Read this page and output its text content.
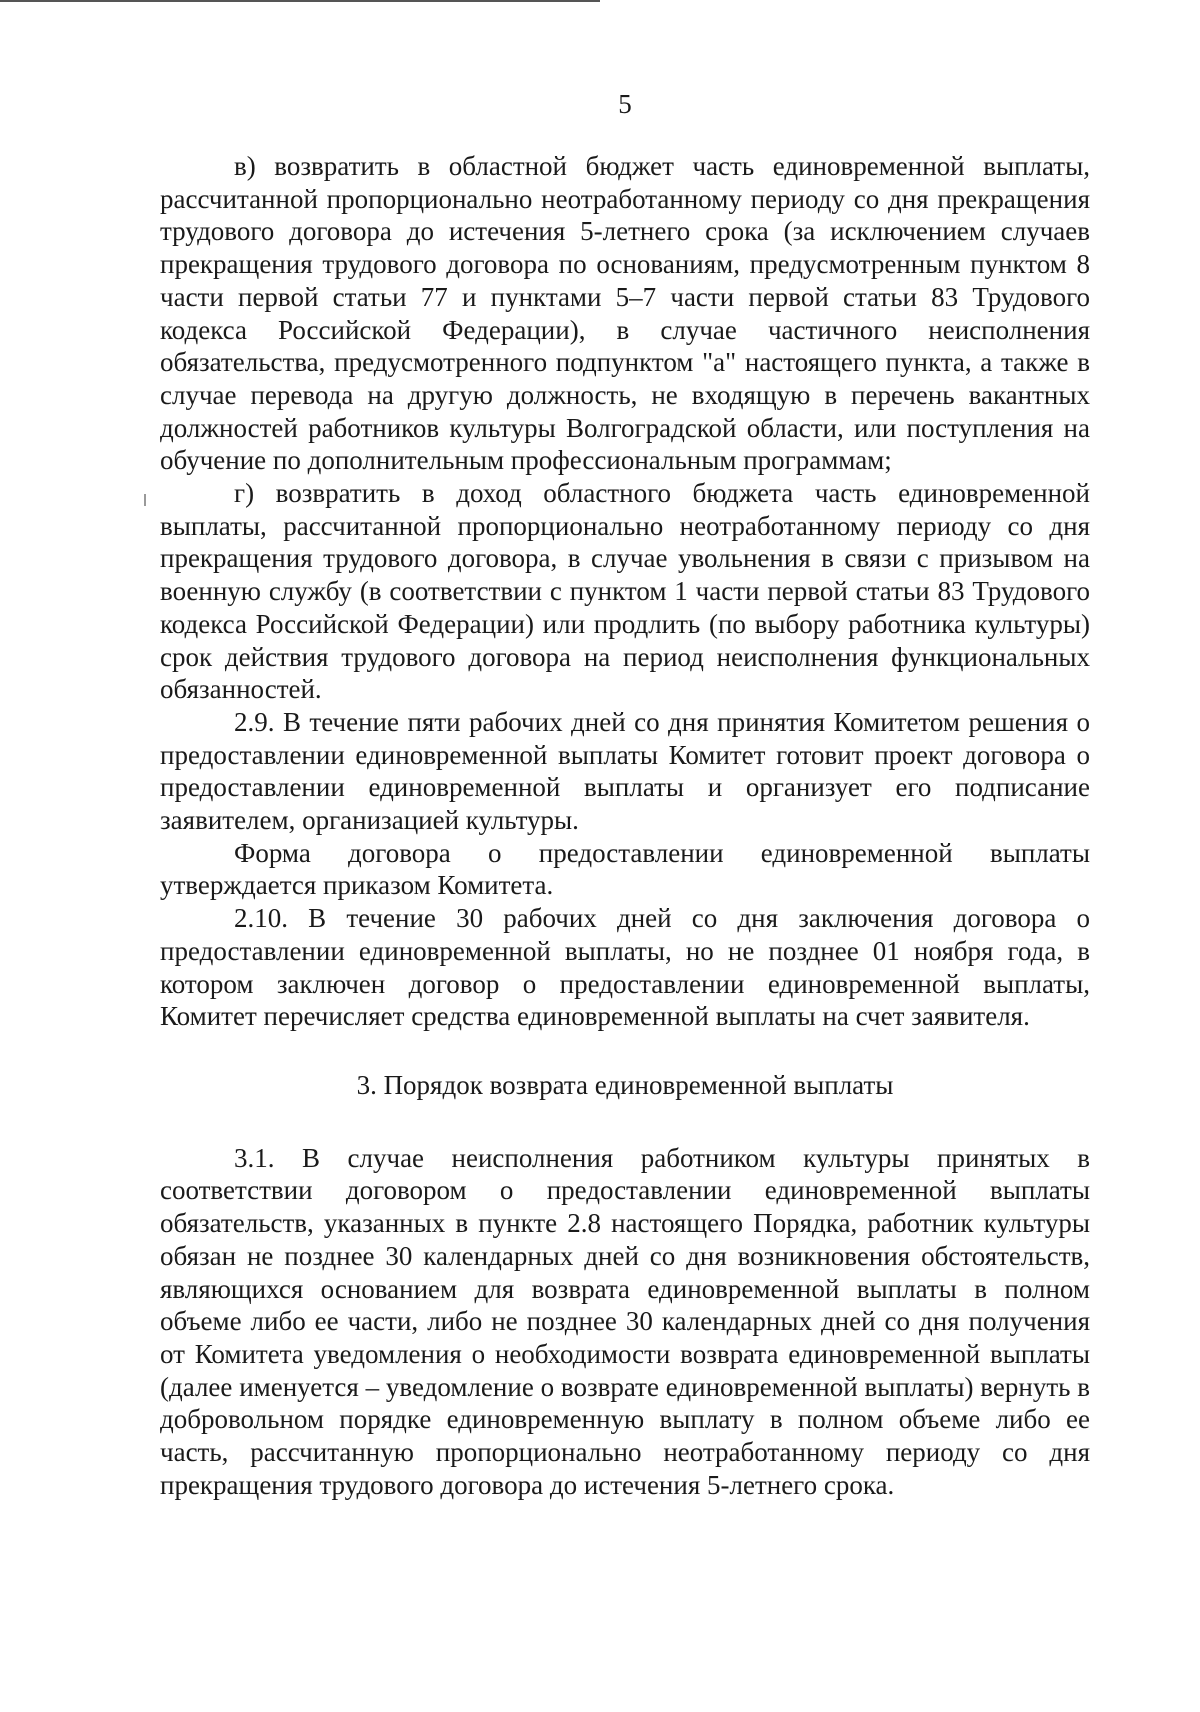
5

в) возвратить в областной бюджет часть единовременной выплаты, рассчитанной пропорционально неотработанному периоду со дня прекращения трудового договора до истечения 5-летнего срока (за исключением случаев прекращения трудового договора по основаниям, предусмотренным пунктом 8 части первой статьи 77 и пунктами 5–7 части первой статьи 83 Трудового кодекса Российской Федерации), в случае частичного неисполнения обязательства, предусмотренного подпунктом "а" настоящего пункта, а также в случае перевода на другую должность, не входящую в перечень вакантных должностей работников культуры Волгоградской области, или поступления на обучение по дополнительным профессиональным программам;

г) возвратить в доход областного бюджета часть единовременной выплаты, рассчитанной пропорционально неотработанному периоду со дня прекращения трудового договора, в случае увольнения в связи с призывом на военную службу (в соответствии с пунктом 1 части первой статьи 83 Трудового кодекса Российской Федерации) или продлить (по выбору работника культуры) срок действия трудового договора на период неисполнения функциональных обязанностей.

2.9. В течение пяти рабочих дней со дня принятия Комитетом решения о предоставлении единовременной выплаты Комитет готовит проект договора о предоставлении единовременной выплаты и организует его подписание заявителем, организацией культуры.

Форма договора о предоставлении единовременной выплаты утверждается приказом Комитета.

2.10. В течение 30 рабочих дней со дня заключения договора о предоставлении единовременной выплаты, но не позднее 01 ноября года, в котором заключен договор о предоставлении единовременной выплаты, Комитет перечисляет средства единовременной выплаты на счет заявителя.

3. Порядок возврата единовременной выплаты

3.1. В случае неисполнения работником культуры принятых в соответствии договором о предоставлении единовременной выплаты обязательств, указанных в пункте 2.8 настоящего Порядка, работник культуры обязан не позднее 30 календарных дней со дня возникновения обстоятельств, являющихся основанием для возврата единовременной выплаты в полном объеме либо ее части, либо не позднее 30 календарных дней со дня получения от Комитета уведомления о необходимости возврата единовременной выплаты (далее именуется – уведомление о возврате единовременной выплаты) вернуть в добровольном порядке единовременную выплату в полном объеме либо ее часть, рассчитанную пропорционально неотработанному периоду со дня прекращения трудового договора до истечения 5-летнего срока.
